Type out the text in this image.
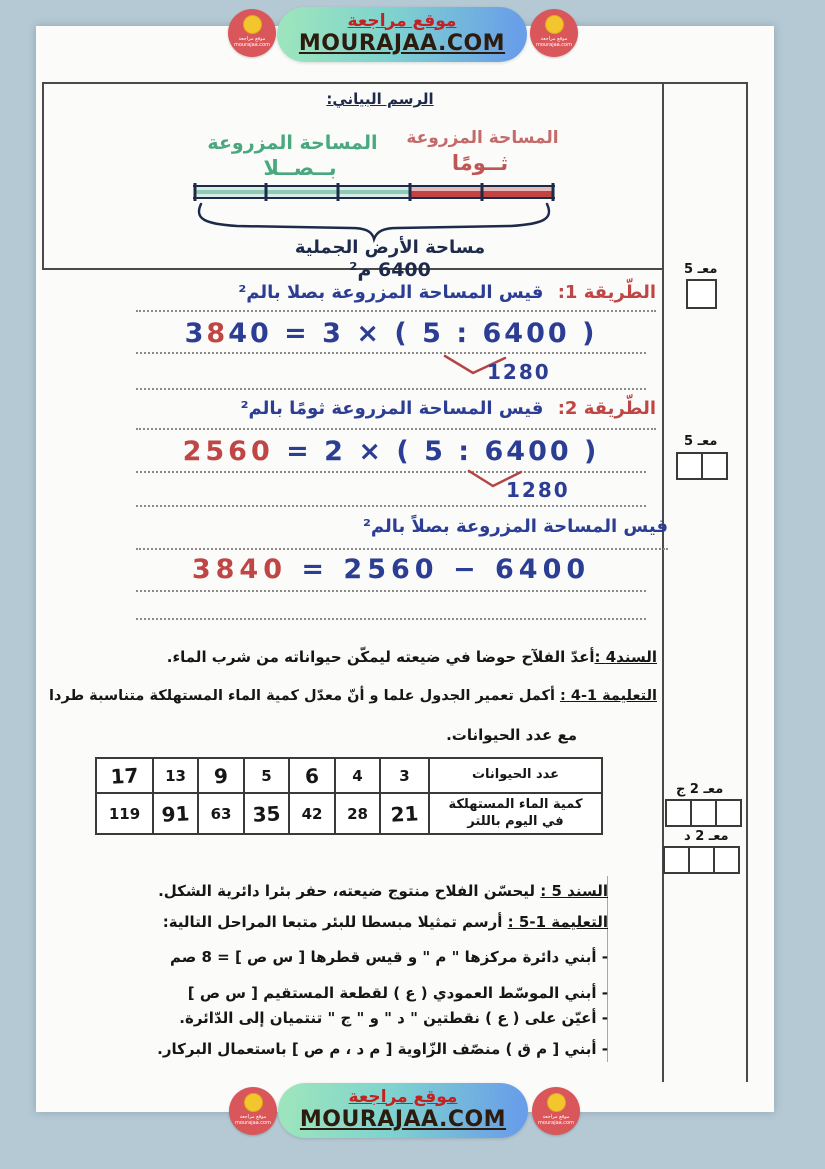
موقع مراجعة
mourajaa.com
موقع مراجعة
MOURAJAA.COM	موقع مراجعة
mourajaa.com
الرسم البياني:
المساحة المزروعة
بــصــلا
المساحة المزروعة
ثــومًا
مساحة الأرض الجملية
6400 م²
الطّريقة 1: قيس المساحة المزروعة بصلا بالم²
3840 = 3 × ( 5 : 6400 )
1280
الطّريقة 2: قيس المساحة المزروعة ثومًا بالم²
2560 = 2 × ( 5 : 6400 )
1280
قيس المساحة المزروعة بصلاً بالم²
3840 = 2560 − 6400
السند4 :أعدّ الفلآح حوضا في ضيعته ليمكّن حيواناته من شرب الماء.
التعليمة 1-4 : أكمل تعمير الجدول علما و أنّ معدّل كمية الماء المستهلكة متناسبة طردا
مع عدد الحيوانات.
عدد الحيوانات	3	4	6	5	9	13	17

كمية الماء المستهلكة
في اليوم باللتر	21	28	42	35	63	91	119
السند 5 : ليحسّن الفلاح منتوج ضيعته، حفر بئرا دائرية الشكل.
التعليمة 1-5 : أرسم تمثيلا مبسطا للبئر متبعا المراحل التالية:
- أبني دائرة مركزها " م " و قيس قطرها [ س ص ] = 8 صم
- أبني الموسّط العمودي ( ع ) لقطعة المستقيم [ س ص ]
- أعيّن على ( ع ) نقطتين " د " و " ج " تنتميان إلى الدّائرة.
- أبني [ م ق ) منصّف الزّاوية [ م د ، م ص ] باستعمال البركار.
معـ 5
معـ 5
معـ 2 ج
معـ 2 د
موقع مراجعة
mourajaa.com
موقع مراجعة
MOURAJAA.COM	موقع مراجعة
mourajaa.com
